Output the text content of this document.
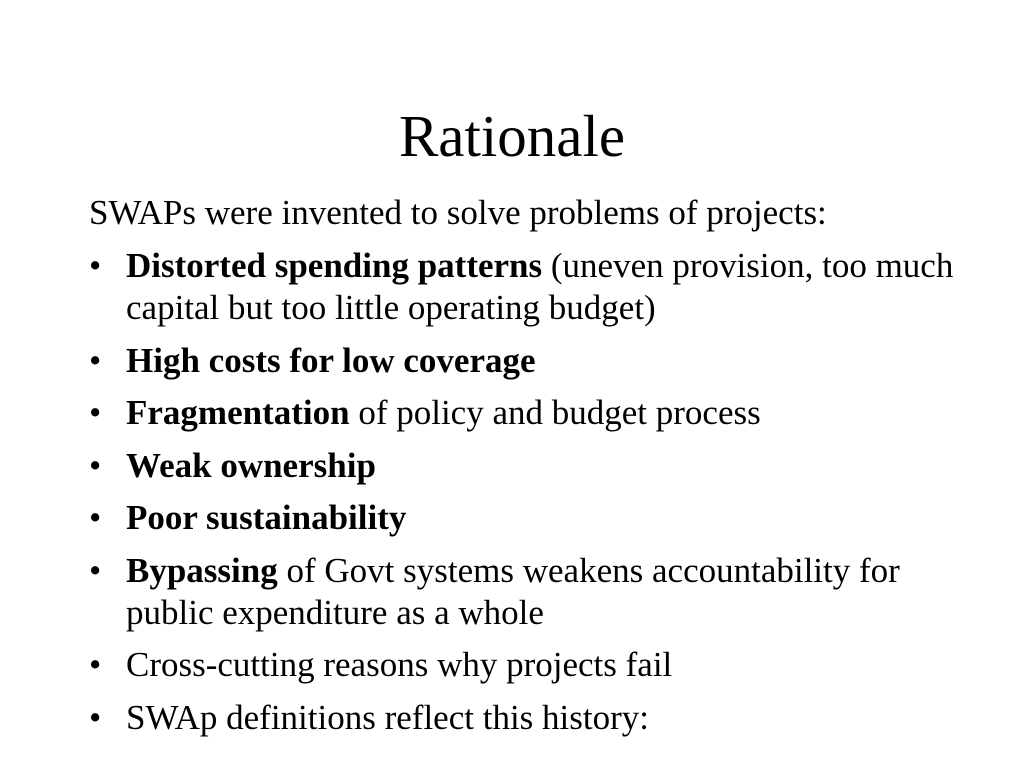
Rationale

SWAPs were invented to solve problems of projects:

• Distorted spending patterns (uneven provision, too much capital but too little operating budget)
• High costs for low coverage
• Fragmentation of policy and budget process
• Weak ownership
• Poor sustainability
• Bypassing of Govt systems weakens accountability for public expenditure as a whole
• Cross-cutting reasons why projects fail
• SWAp definitions reflect this history:
